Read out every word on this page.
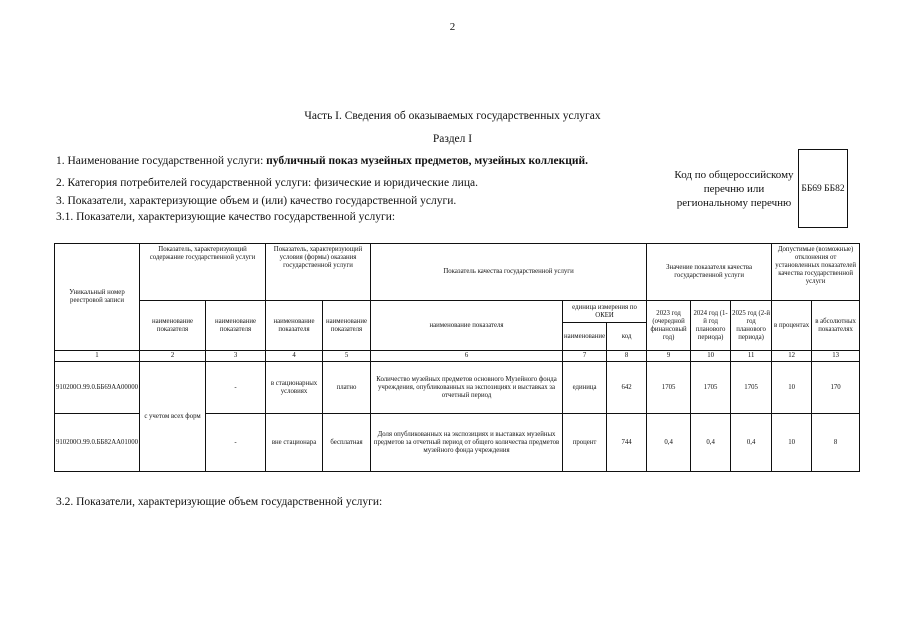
2
Часть I. Сведения об оказываемых государственных услугах
Раздел I
1. Наименование государственной услуги: публичный показ музейных предметов, музейных коллекций.
2. Категория потребителей государственной услуги: физические и юридические лица.
3. Показатели, характеризующие объем и (или) качество государственной услуги.
3.1. Показатели, характеризующие качество государственной услуги:
Код по общероссийскому
перечню или
региональному перечню
ББ69 ББ82
Уникальный номер реестровой записи	Показатель, характеризующий содержание государственной услуги		Показатель, характеризующий условия (формы) оказания государственной услуги		Показатель качества государственной услуги			Значение показателя качества государственной услуги			Допустимые (возможные) отклонения от установленных показателей качества государственной услуги	
	наименование показателя	наименование показателя	наименование показателя	наименование показателя	наименование показателя	единица измерения по ОКЕИ		2023 год (очередной финансовый год)	2024 год (1-й год планового периода)	2025 год (2-й год планового периода)	в процентах	в абсолютных показателях
						наименование	код					
1	2	3	4	5	6	7	8	9	10	11	12	13
910200О.99.0.ББ69АА00000	с учетом всех форм	-	в стационарных условиях	платно	Количество музейных предметов основного Музейного фонда учреждения, опубликованных на экспозициях и выставках за отчетный период	единица	642	1705	1705	1705	10	170
910200О.99.0.ББ82АА01000		-	вне стационара	бесплатная	Доля опубликованных на экспозициях и выставках музейных предметов за отчетный период от общего количества предметов музейного фонда учреждения	процент	744	0,4	0,4	0,4	10	8
3.2. Показатели, характеризующие объем государственной услуги:
